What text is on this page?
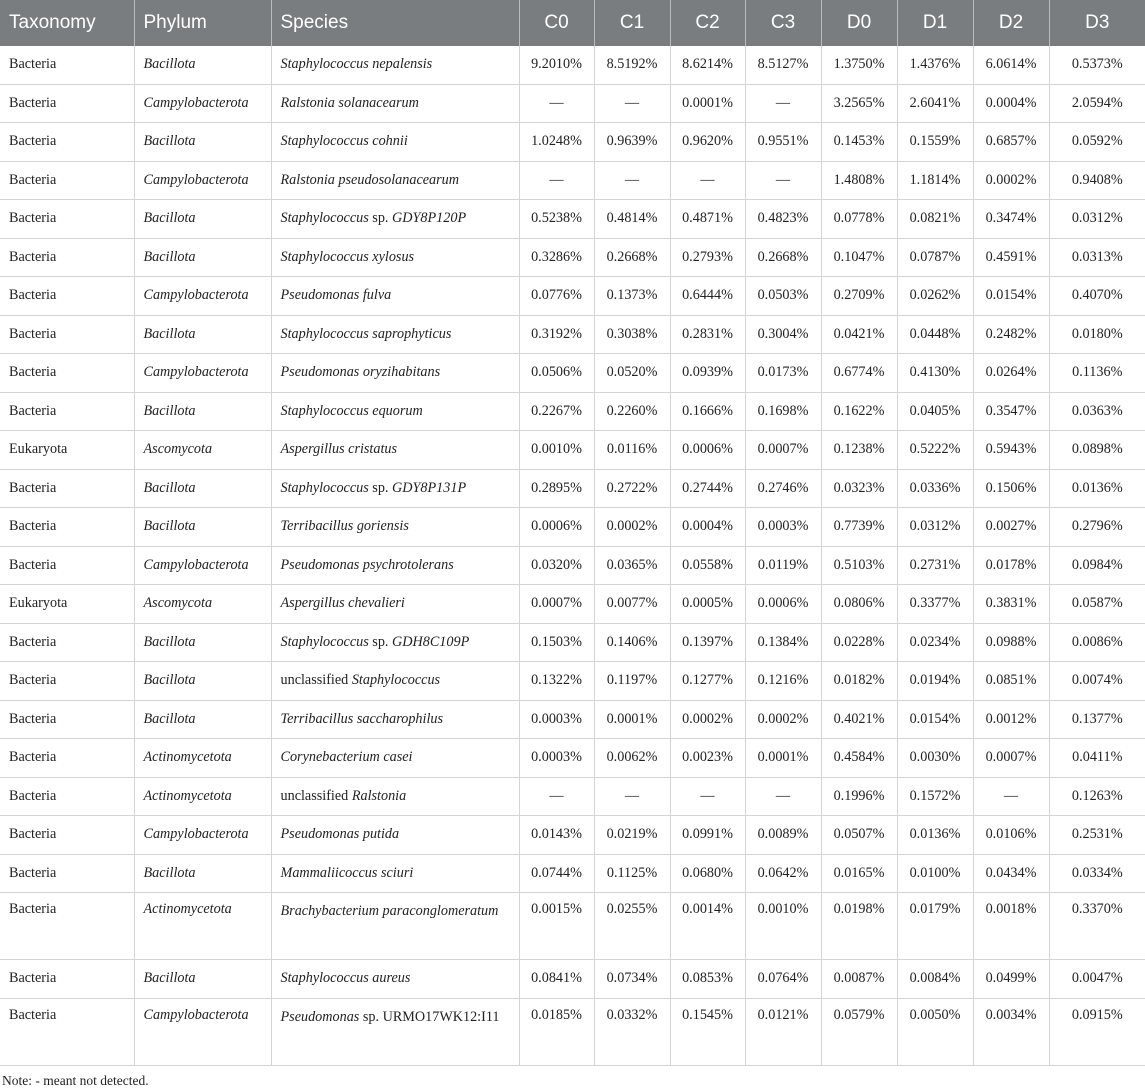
Taxonomy	Phylum	Species	C0	C1	C2	C3	D0	D1	D2	D3
Bacteria	Bacillota	Staphylococcus nepalensis	9.2010%	8.5192%	8.6214%	8.5127%	1.3750%	1.4376%	6.0614%	0.5373%
Bacteria	Campylobacterota	Ralstonia solanacearum	—	—	0.0001%	—	3.2565%	2.6041%	0.0004%	2.0594%
Bacteria	Bacillota	Staphylococcus cohnii	1.0248%	0.9639%	0.9620%	0.9551%	0.1453%	0.1559%	0.6857%	0.0592%
Bacteria	Campylobacterota	Ralstonia pseudosolanacearum	—	—	—	—	1.4808%	1.1814%	0.0002%	0.9408%
Bacteria	Bacillota	Staphylococcus sp. GDY8P120P	0.5238%	0.4814%	0.4871%	0.4823%	0.0778%	0.0821%	0.3474%	0.0312%
Bacteria	Bacillota	Staphylococcus xylosus	0.3286%	0.2668%	0.2793%	0.2668%	0.1047%	0.0787%	0.4591%	0.0313%
Bacteria	Campylobacterota	Pseudomonas fulva	0.0776%	0.1373%	0.6444%	0.0503%	0.2709%	0.0262%	0.0154%	0.4070%
Bacteria	Bacillota	Staphylococcus saprophyticus	0.3192%	0.3038%	0.2831%	0.3004%	0.0421%	0.0448%	0.2482%	0.0180%
Bacteria	Campylobacterota	Pseudomonas oryzihabitans	0.0506%	0.0520%	0.0939%	0.0173%	0.6774%	0.4130%	0.0264%	0.1136%
Bacteria	Bacillota	Staphylococcus equorum	0.2267%	0.2260%	0.1666%	0.1698%	0.1622%	0.0405%	0.3547%	0.0363%
Eukaryota	Ascomycota	Aspergillus cristatus	0.0010%	0.0116%	0.0006%	0.0007%	0.1238%	0.5222%	0.5943%	0.0898%
Bacteria	Bacillota	Staphylococcus sp. GDY8P131P	0.2895%	0.2722%	0.2744%	0.2746%	0.0323%	0.0336%	0.1506%	0.0136%
Bacteria	Bacillota	Terribacillus goriensis	0.0006%	0.0002%	0.0004%	0.0003%	0.7739%	0.0312%	0.0027%	0.2796%
Bacteria	Campylobacterota	Pseudomonas psychrotolerans	0.0320%	0.0365%	0.0558%	0.0119%	0.5103%	0.2731%	0.0178%	0.0984%
Eukaryota	Ascomycota	Aspergillus chevalieri	0.0007%	0.0077%	0.0005%	0.0006%	0.0806%	0.3377%	0.3831%	0.0587%
Bacteria	Bacillota	Staphylococcus sp. GDH8C109P	0.1503%	0.1406%	0.1397%	0.1384%	0.0228%	0.0234%	0.0988%	0.0086%
Bacteria	Bacillota	unclassified Staphylococcus	0.1322%	0.1197%	0.1277%	0.1216%	0.0182%	0.0194%	0.0851%	0.0074%
Bacteria	Bacillota	Terribacillus saccharophilus	0.0003%	0.0001%	0.0002%	0.0002%	0.4021%	0.0154%	0.0012%	0.1377%
Bacteria	Actinomycetota	Corynebacterium casei	0.0003%	0.0062%	0.0023%	0.0001%	0.4584%	0.0030%	0.0007%	0.0411%
Bacteria	Actinomycetota	unclassified Ralstonia	—	—	—	—	0.1996%	0.1572%	—	0.1263%
Bacteria	Campylobacterota	Pseudomonas putida	0.0143%	0.0219%	0.0991%	0.0089%	0.0507%	0.0136%	0.0106%	0.2531%
Bacteria	Bacillota	Mammaliicoccus sciuri	0.0744%	0.1125%	0.0680%	0.0642%	0.0165%	0.0100%	0.0434%	0.0334%
Bacteria	Actinomycetota	Brachybacterium paraconglomeratum	0.0015%	0.0255%	0.0014%	0.0010%	0.0198%	0.0179%	0.0018%	0.3370%
Bacteria	Bacillota	Staphylococcus aureus	0.0841%	0.0734%	0.0853%	0.0764%	0.0087%	0.0084%	0.0499%	0.0047%
Bacteria	Campylobacterota	Pseudomonas sp. URMO17WK12:I11	0.0185%	0.0332%	0.1545%	0.0121%	0.0579%	0.0050%	0.0034%	0.0915%
Note: - meant not detected.
